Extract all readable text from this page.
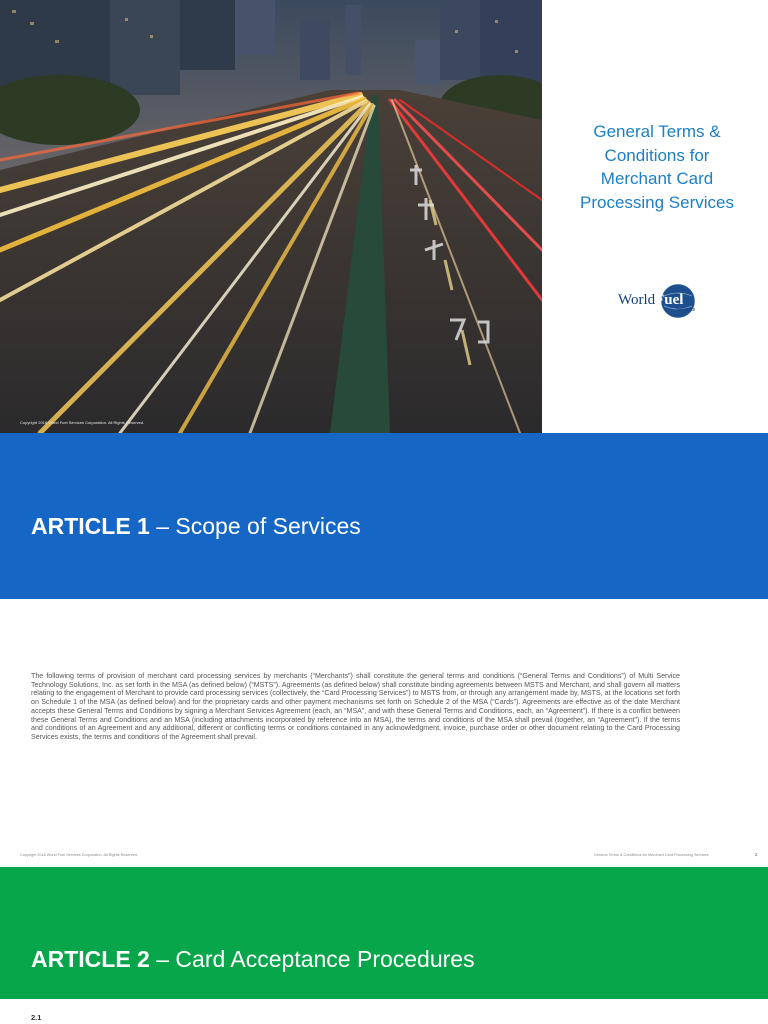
Copyright 2018 World Fuel Services Corporation. All Rights Reserved.
General Terms &
Conditions for
Merchant Card
Processing Services
WorldFuel
Services
ARTICLE 1 – Scope of Services
The following terms of provision of merchant card processing services by merchants (“Merchants”) shall constitute the general terms and conditions (“General Terms and Conditions”) of Multi Service Technology Solutions, Inc. as set forth in the MSA (as defined below) (“MSTS”). Agreements (as defined below) shall constitute binding agreements between MSTS and Merchant, and shall govern all matters relating to the engagement of Merchant to provide card processing services (collectively, the “Card Processing Services”) to MSTS from, or through any arrangement made by, MSTS, at the locations set forth on Schedule 1 of the MSA (as defined below) and for the proprietary cards and other payment mechanisms set forth on Schedule 2 of the MSA (“Cards”). Agreements are effective as of the date Merchant accepts these General Terms and Conditions by signing a Merchant Services Agreement (each, an “MSA”, and with these General Terms and Conditions, each, an “Agreement”). If there is a conflict between these General Terms and Conditions and an MSA (including attachments incorporated by reference into an MSA), the terms and conditions of the MSA shall prevail (together, an “Agreement”). If the terms and conditions of an Agreement and any additional, different or conflicting terms or conditions contained in any acknowledgment, invoice, purchase order or other document relating to the Card Processing Services exists, the terms and conditions of the Agreement shall prevail.
Copyright 2018 World Fuel Services Corporation. All Rights Reserved.	General Terms & Conditions for Merchant Card Processing Services	2
ARTICLE 2 – Card Acceptance Procedures
2.1
